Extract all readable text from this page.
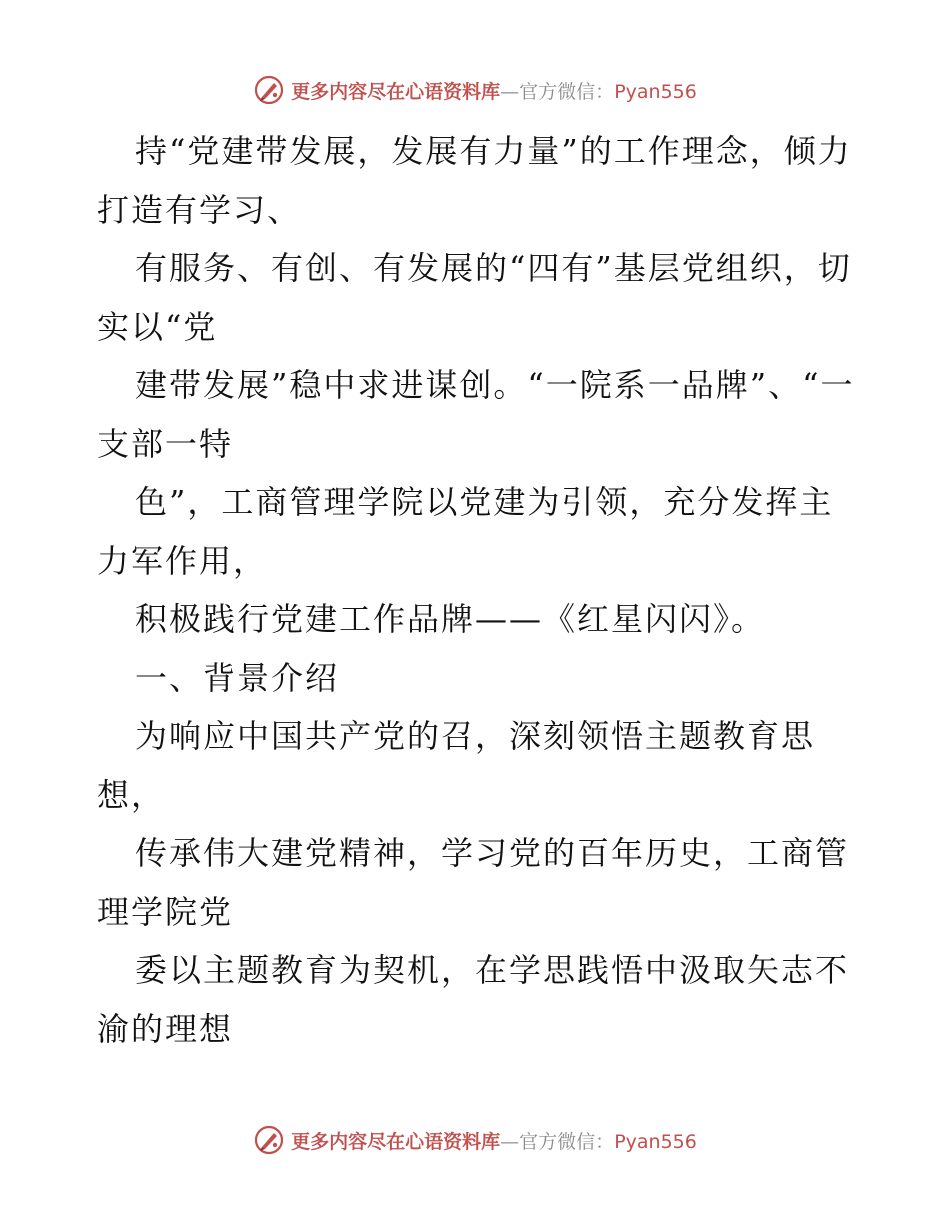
更多内容尽在心语资料库—官方微信：Pyan556

持“党建带发展，发展有力量”的工作理念，倾力打造有学习、

有服务、有创、有发展的“四有”基层党组织，切实以“党

建带发展”稳中求进谋创。“一院系一品牌”、“一支部一特

色”，工商管理学院以党建为引领，充分发挥主力军作用，

积极践行党建工作品牌——《红星闪闪》。

一、背景介绍

为响应中国共产党的召，深刻领悟主题教育思想，

传承伟大建党精神，学习党的百年历史，工商管理学院党

委以主题教育为契机，在学思践悟中汲取矢志不渝的理想

更多内容尽在心语资料库—官方微信：Pyan556
